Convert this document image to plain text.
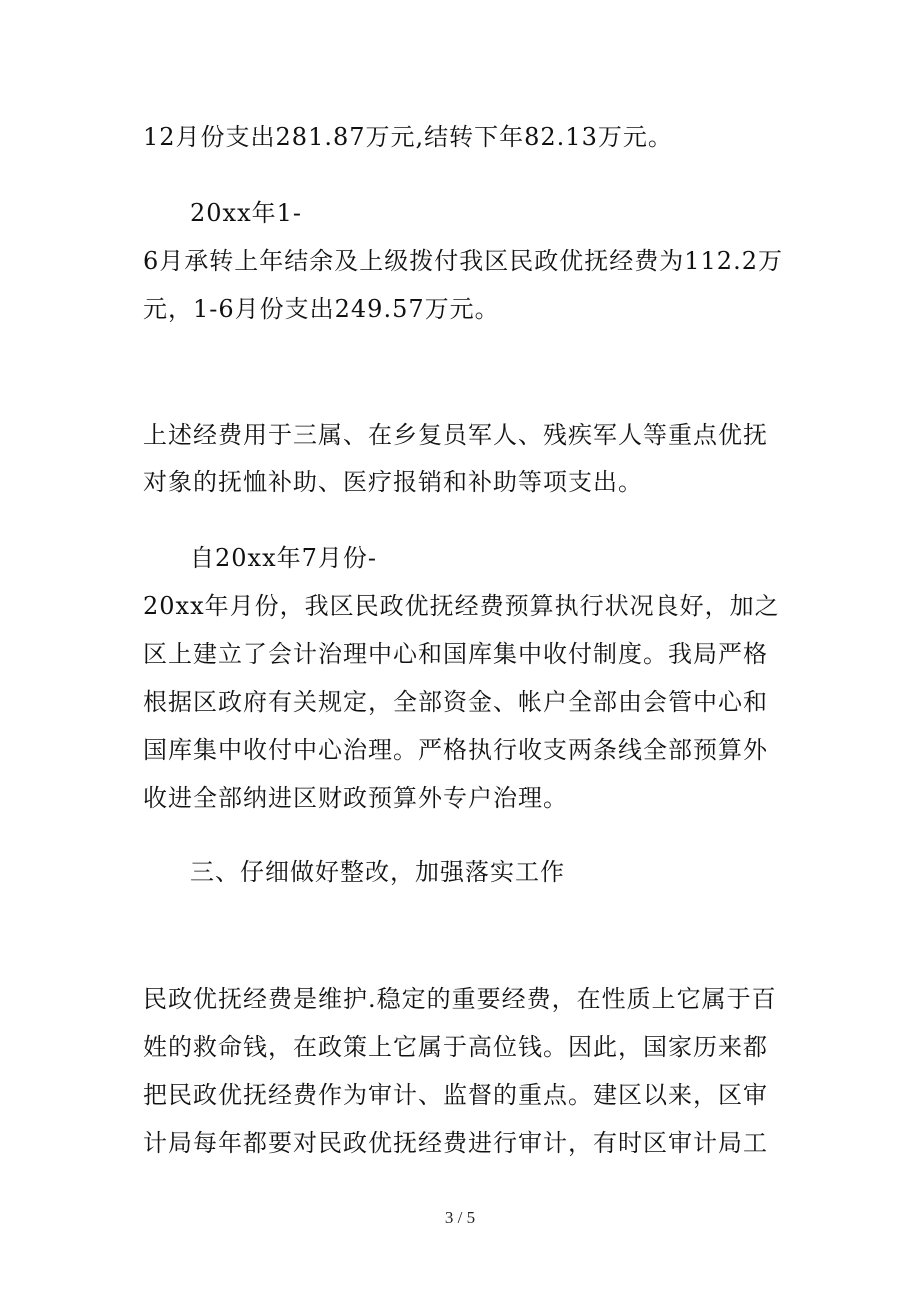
12月份支出281.87万元,结转下年82.13万元。
20xx年1-
6月承转上年结余及上级拨付我区民政优抚经费为112.2万
元，1-6月份支出249.57万元。
上述经费用于三属、在乡复员军人、残疾军人等重点优抚
对象的抚恤补助、医疗报销和补助等项支出。
自20xx年7月份-
20xx年月份，我区民政优抚经费预算执行状况良好，加之
区上建立了会计治理中心和国库集中收付制度。我局严格
根据区政府有关规定，全部资金、帐户全部由会管中心和
国库集中收付中心治理。严格执行收支两条线全部预算外
收进全部纳进区财政预算外专户治理。
三、仔细做好整改，加强落实工作
民政优抚经费是维护.稳定的重要经费，在性质上它属于百
姓的救命钱，在政策上它属于高位钱。因此，国家历来都
把民政优抚经费作为审计、监督的重点。建区以来，区审
计局每年都要对民政优抚经费进行审计，有时区审计局工
3 / 5
